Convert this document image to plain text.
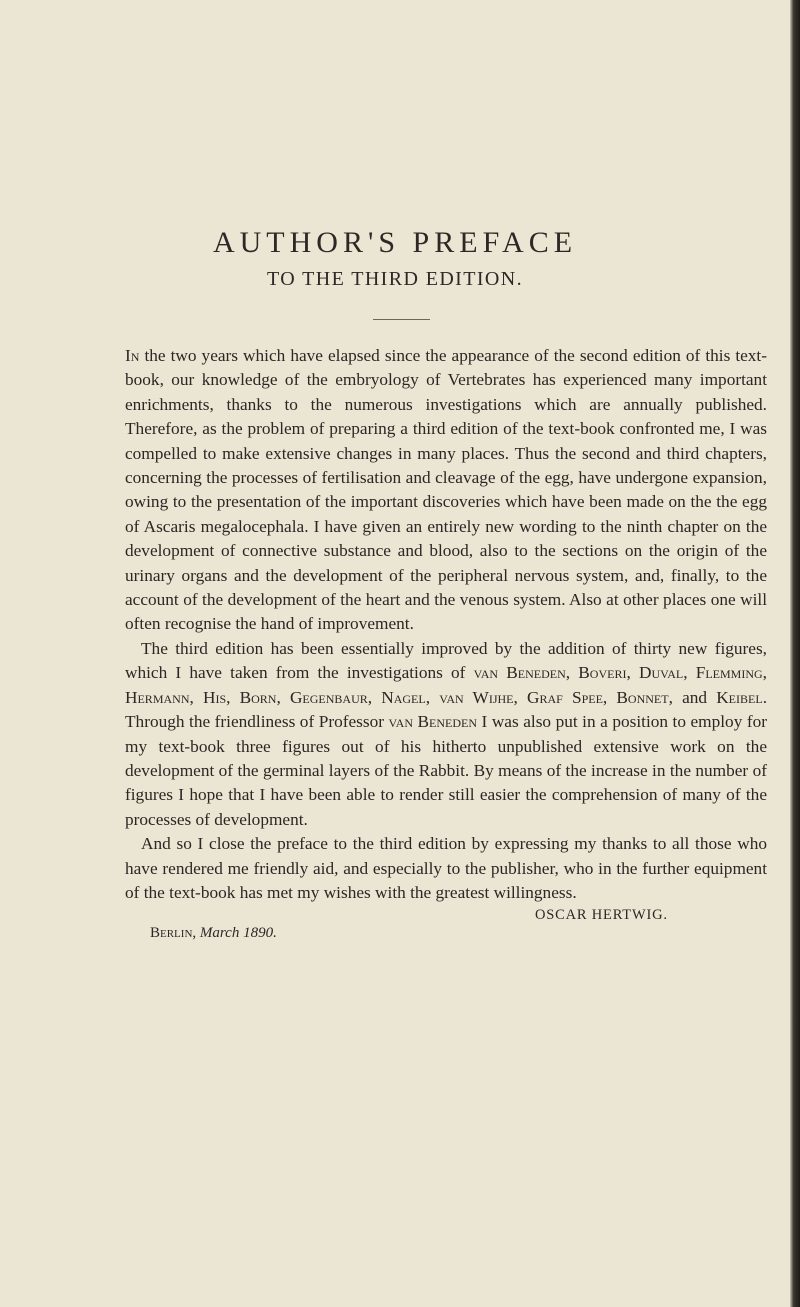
AUTHOR'S PREFACE
TO THE THIRD EDITION.

In the two years which have elapsed since the appearance of the second edition of this text-book, our knowledge of the embryology of Vertebrates has experienced many important enrichments, thanks to the numerous investigations which are annually published. Therefore, as the problem of preparing a third edition of the text-book confronted me, I was compelled to make extensive changes in many places. Thus the second and third chapters, concerning the processes of fertilisation and cleavage of the egg, have undergone expansion, owing to the presentation of the important discoveries which have been made on the the egg of Ascaris megalocephala. I have given an entirely new wording to the ninth chapter on the development of connective substance and blood, also to the sections on the origin of the urinary organs and the development of the peripheral nervous system, and, finally, to the account of the development of the heart and the venous system. Also at other places one will often recognise the hand of improvement.

The third edition has been essentially improved by the addition of thirty new figures, which I have taken from the investigations of van Beneden, Boveri, Duval, Flemming, Hermann, His, Born, Gegenbaur, Nagel, van Wijhe, Graf Spee, Bonnet, and Keibel. Through the friendliness of Professor van Beneden I was also put in a position to employ for my text-book three figures out of his hitherto unpublished extensive work on the development of the germinal layers of the Rabbit. By means of the increase in the number of figures I hope that I have been able to render still easier the comprehension of many of the processes of development.

And so I close the preface to the third edition by expressing my thanks to all those who have rendered me friendly aid, and especially to the publisher, who in the further equipment of the text-book has met my wishes with the greatest willingness.

OSCAR HERTWIG.
Berlin, March 1890.
